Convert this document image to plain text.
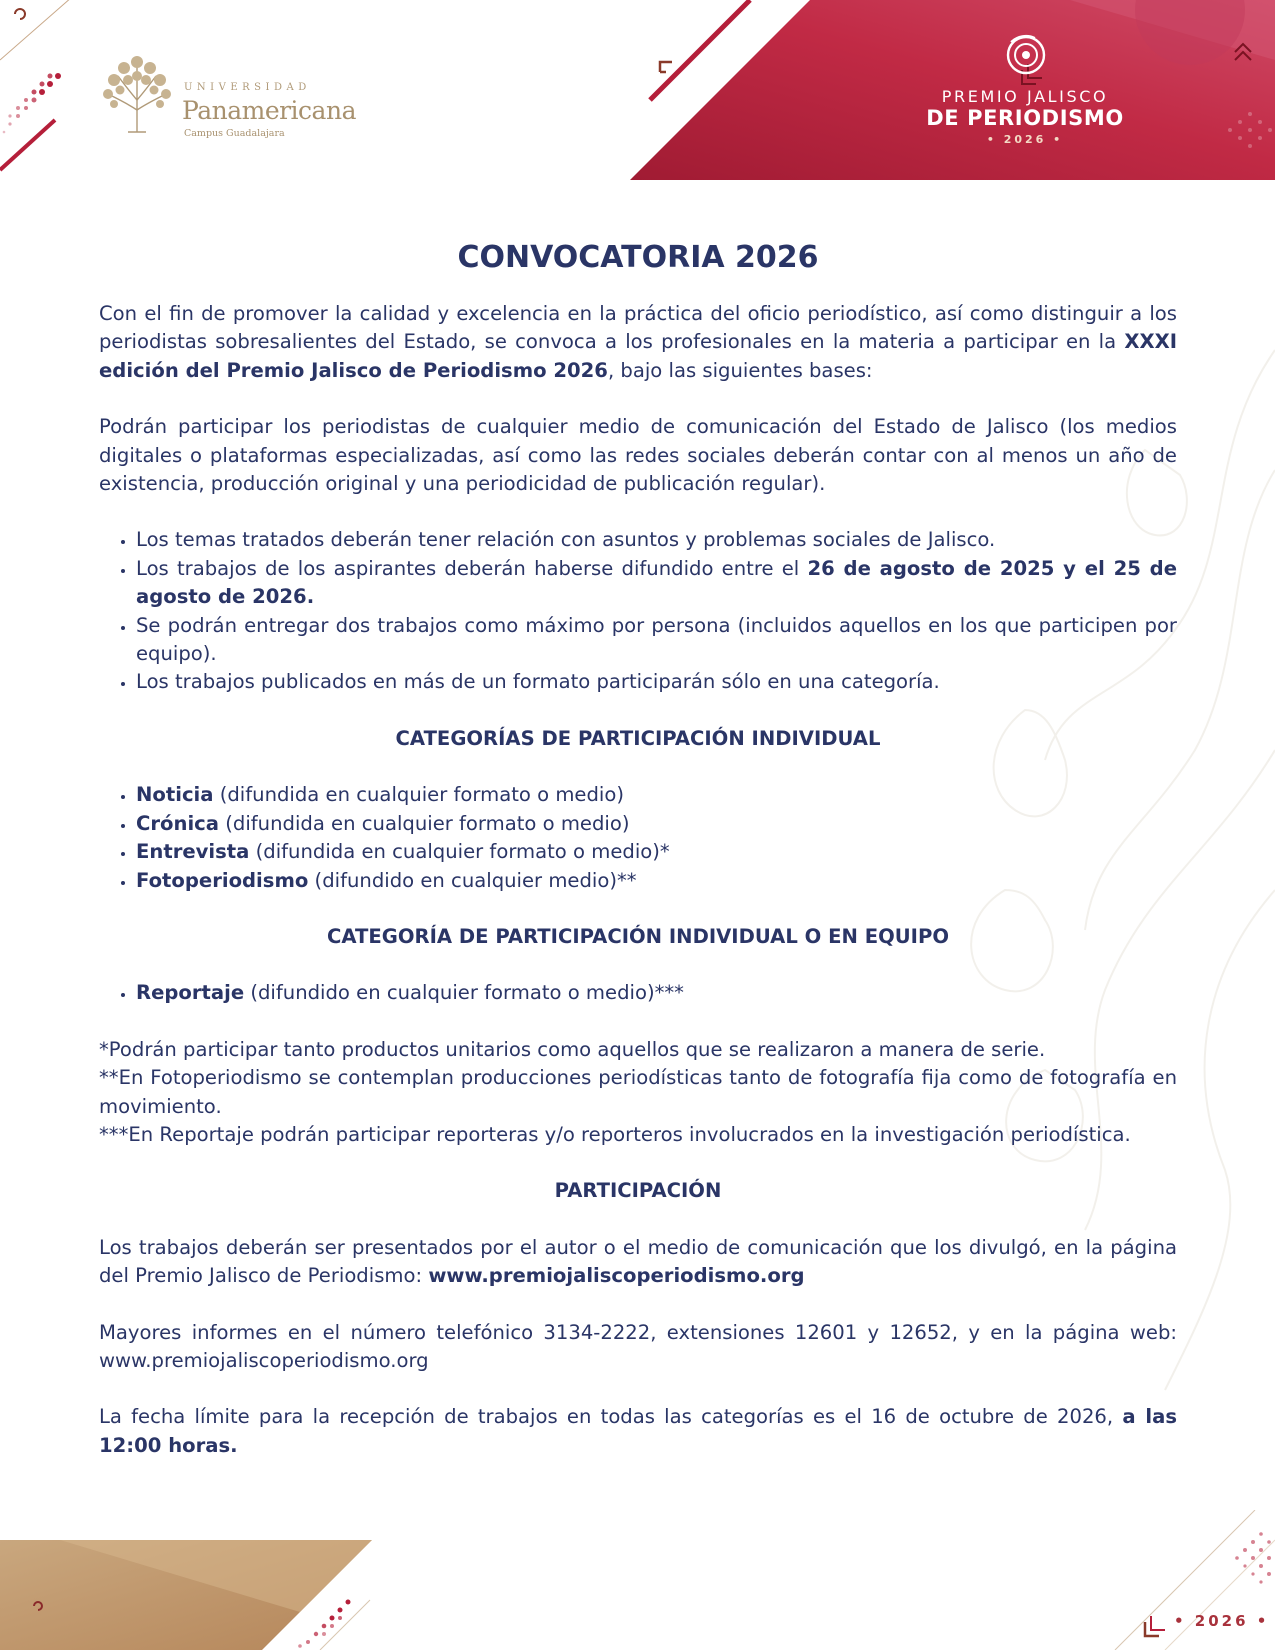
UNIVERSIDAD
Panamericana
Campus Guadalajara
PREMIO JALISCO
DE PERIODISMO
• 2026 •
CONVOCATORIA 2026

Con el fin de promover la calidad y excelencia en la práctica del oficio periodístico, así como distinguir a los periodistas sobresalientes del Estado, se convoca a los profesionales en la materia a participar en la XXXI edición del Premio Jalisco de Periodismo 2026, bajo las siguientes bases:

Podrán participar los periodistas de cualquier medio de comunicación del Estado de Jalisco (los medios digitales o plataformas especializadas, así como las redes sociales deberán contar con al menos un año de existencia, producción original y una periodicidad de publicación regular).

• Los temas tratados deberán tener relación con asuntos y problemas sociales de Jalisco.
• Los trabajos de los aspirantes deberán haberse difundido entre el 26 de agosto de 2025 y el 25 de agosto de 2026.
• Se podrán entregar dos trabajos como máximo por persona (incluidos aquellos en los que participen por equipo).
• Los trabajos publicados en más de un formato participarán sólo en una categoría.
CATEGORÍAS DE PARTICIPACIÓN INDIVIDUAL
• Noticia (difundida en cualquier formato o medio)
• Crónica (difundida en cualquier formato o medio)
• Entrevista (difundida en cualquier formato o medio)*
• Fotoperiodismo (difundido en cualquier medio)**
CATEGORÍA DE PARTICIPACIÓN INDIVIDUAL O EN EQUIPO
• Reportaje (difundido en cualquier formato o medio)***

*Podrán participar tanto productos unitarios como aquellos que se realizaron a manera de serie.

**En Fotoperiodismo se contemplan producciones periodísticas tanto de fotografía fija como de fotografía en movimiento.

***En Reportaje podrán participar reporteras y/o reporteros involucrados en la investigación periodística.

PARTICIPACIÓN

Los trabajos deberán ser presentados por el autor o el medio de comunicación que los divulgó, en la página del Premio Jalisco de Periodismo: www.premiojaliscoperiodismo.org

Mayores informes en el número telefónico 3134-2222, extensiones 12601 y 12652, y en la página web: www.premiojaliscoperiodismo.org

La fecha límite para la recepción de trabajos en todas las categorías es el 16 de octubre de 2026, a las 12:00 horas.

• 2026 •
